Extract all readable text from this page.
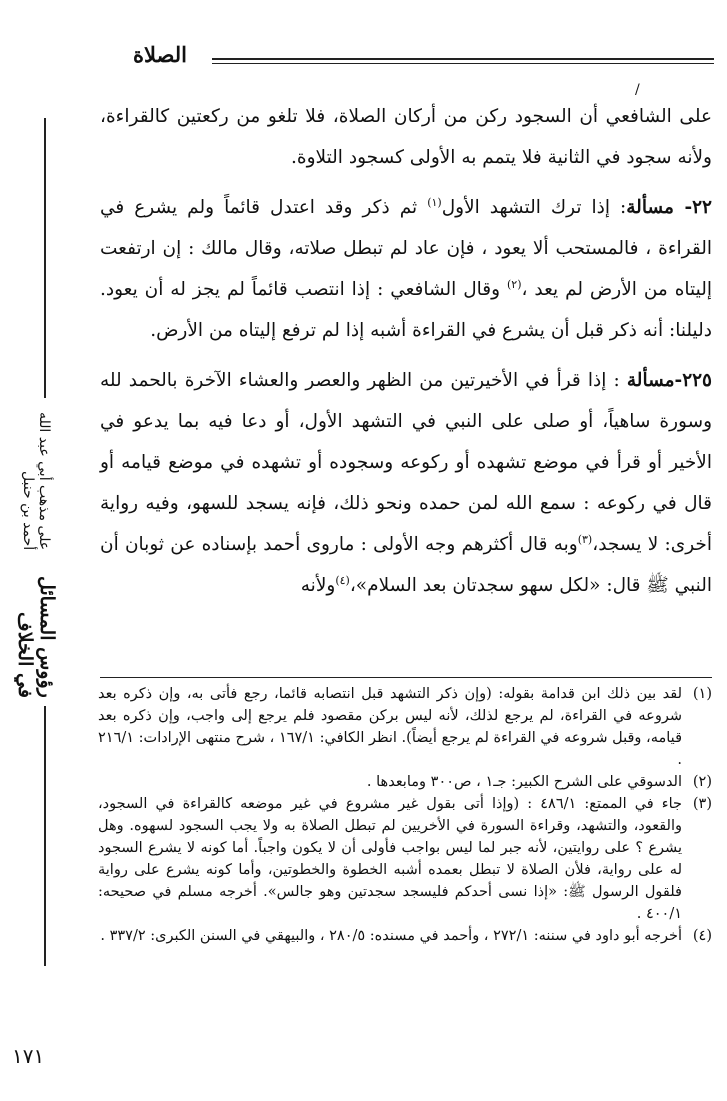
الصلاة
/
رؤوس المسائل في الخلاف
على مذهب أبي عبد الله أحمد بن حنبل

على الشافعي أن السجود ركن من أركان الصلاة، فلا تلغو من ركعتين كالقراءة، ولأنه سجود في الثانية فلا يتمم به الأولى كسجود التلاوة.

٢٢- مسألة: إذا ترك التشهد الأول$^{(١)}$ ثم ذكر وقد اعتدل قائماً ولم يشرع في القراءة ، فالمستحب ألا يعود ، فإن عاد لم تبطل صلاته، وقال مالك : إن ارتفعت إليتاه من الأرض لم يعد ،$^{(٢)}$ وقال الشافعي : إذا انتصب قائماً لم يجز له أن يعود. دليلنا: أنه ذكر قبل أن يشرع في القراءة أشبه إذا لم ترفع إليتاه من الأرض.

٢٢٥-مسألة : إذا قرأ في الأخيرتين من الظهر والعصر والعشاء الآخرة بالحمد لله وسورة ساهياً، أو صلى على النبي في التشهد الأول، أو دعا فيه بما يدعو في الأخير أو قرأ في موضع تشهده أو ركوعه وسجوده أو تشهده في موضع قيامه أو قال في ركوعه : سمع الله لمن حمده ونحو ذلك، فإنه يسجد للسهو، وفيه رواية أخرى: لا يسجد،$^{(٣)}$وبه قال أكثرهم وجه الأولى : ماروى أحمد بإسناده عن ثوبان أن النبي ﷺ قال: «لكل سهو سجدتان بعد السلام»،$^{(٤)}$ولأنه

(١)
لقد بين ذلك ابن قدامة بقوله: (وإن ذكر التشهد قبل انتصابه قائما، رجع فأتى به، وإن ذكره بعد شروعه في القراءة، لم يرجع لذلك، لأنه ليس بركن مقصود فلم يرجع إلى واجب، وإن ذكره بعد قيامه، وقبل شروعه في القراءة لم يرجع أيضاً). انظر الكافي: ١٦٧/١ ، شرح منتهى الإرادات: ٢١٦/١ .

(٢)
الدسوقي على الشرح الكبير: جـ١ ، ص٣٠٠ ومابعدها .

(٣)
جاء في الممتع: ٤٨٦/١ : (وإذا أتى بقول غير مشروع في غير موضعه كالقراءة في السجود، والقعود، والتشهد، وقراءة السورة في الأخريين لم تبطل الصلاة به ولا يجب السجود لسهوه. وهل يشرع ؟ على روايتين، لأنه جبر لما ليس بواجب فأولى أن لا يكون واجباً. أما كونه لا يشرع السجود له على رواية، فلأن الصلاة لا تبطل بعمده أشبه الخطوة والخطوتين، وأما كونه يشرع على رواية فلقول الرسول ﷺ: «إذا نسى أحدكم فليسجد سجدتين وهو جالس». أخرجه مسلم في صحيحه: ٤٠٠/١ .

(٤)
أخرجه أبو داود في سننه: ٢٧٢/١ ، وأحمد في مسنده: ٢٨٠/٥ ، والبيهقي في السنن الكبرى: ٣٣٧/٢ .

١٧١
